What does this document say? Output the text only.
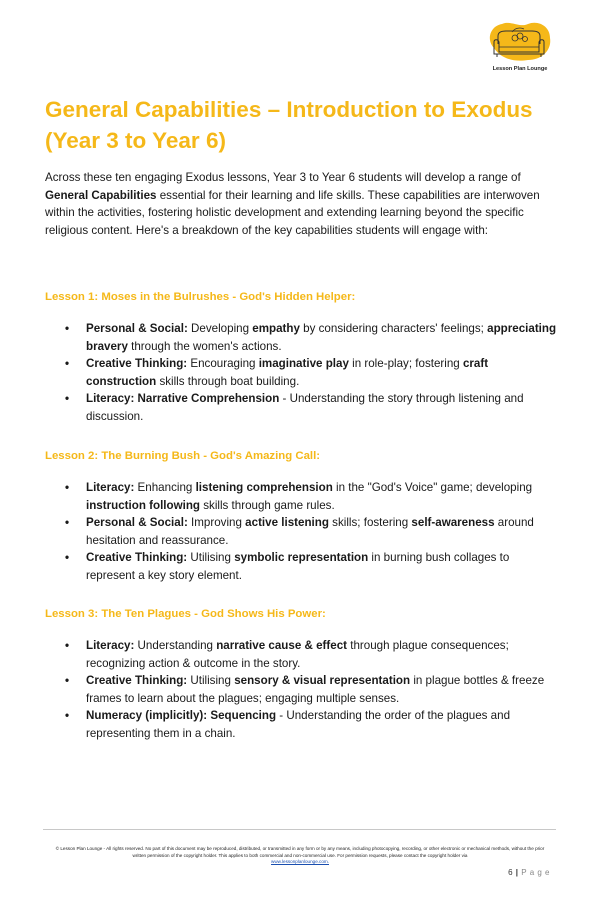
Lesson Plan Lounge
General Capabilities – Introduction to Exodus (Year 3 to Year 6)

Across these ten engaging Exodus lessons, Year 3 to Year 6 students will develop a range of General Capabilities essential for their learning and life skills. These capabilities are interwoven within the activities, fostering holistic development and extending learning beyond the specific religious content. Here's a breakdown of the key capabilities students will engage with:

Lesson 1: Moses in the Bulrushes - God's Hidden Helper:
• Personal & Social: Developing empathy by considering characters' feelings; appreciating bravery through the women's actions.
• Creative Thinking: Encouraging imaginative play in role-play; fostering craft construction skills through boat building.
• Literacy: Narrative Comprehension - Understanding the story through listening and discussion.
Lesson 2: The Burning Bush - God's Amazing Call:
• Literacy: Enhancing listening comprehension in the "God's Voice" game; developing instruction following skills through game rules.
• Personal & Social: Improving active listening skills; fostering self-awareness around hesitation and reassurance.
• Creative Thinking: Utilising symbolic representation in burning bush collages to represent a key story element.
Lesson 3: The Ten Plagues - God Shows His Power:
• Literacy: Understanding narrative cause & effect through plague consequences; recognizing action & outcome in the story.
• Creative Thinking: Utilising sensory & visual representation in plague bottles & freeze frames to learn about the plagues; engaging multiple senses.
• Numeracy (implicitly): Sequencing - Understanding the order of the plagues and representing them in a chain.
© Lesson Plan Lounge - All rights reserved. No part of this document may be reproduced, distributed, or transmitted in any form or by any means, including photocopying, recording, or other electronic or mechanical methods, without the prior written permission of the copyright holder. This applies to both commercial and non-commercial use. For permission requests, please contact the copyright holder via
www.lessonplanlounge.com.
6 | P a g e
